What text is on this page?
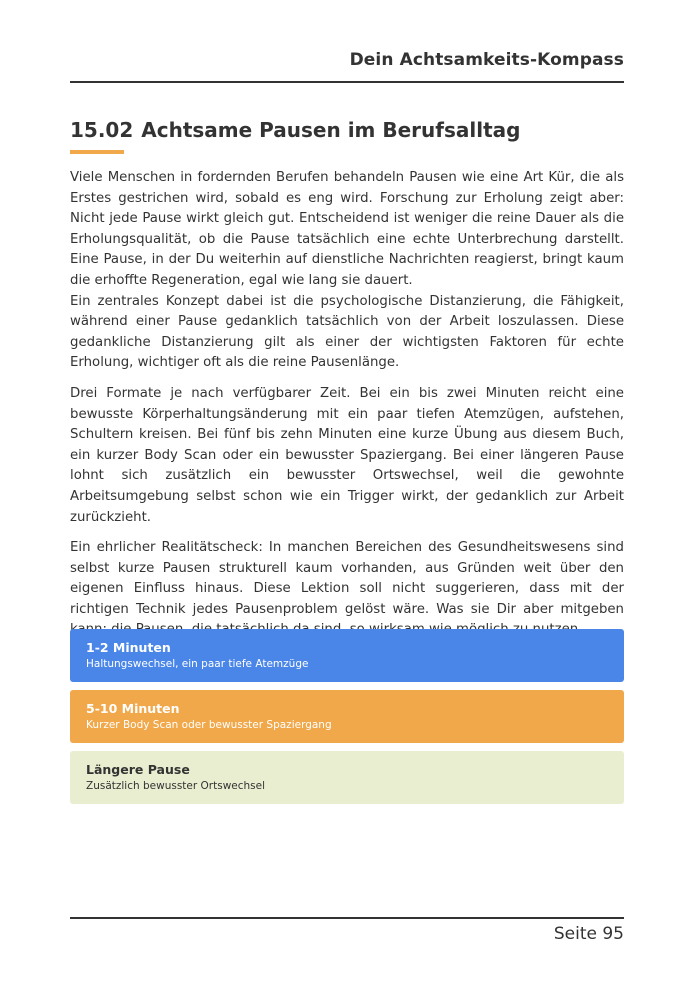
Dein Achtsamkeits-Kompass
15.02 Achtsame Pausen im Berufsalltag

Viele Menschen in fordernden Berufen behandeln Pausen wie eine Art Kür, die als Erstes gestrichen wird, sobald es eng wird. Forschung zur Erholung zeigt aber: Nicht jede Pause wirkt gleich gut. Entscheidend ist weniger die reine Dauer als die Erholungsqualität, ob die Pause tatsächlich eine echte Unterbrechung darstellt. Eine Pause, in der Du weiterhin auf dienstliche Nachrichten reagierst, bringt kaum die erhoffte Regeneration, egal wie lang sie dauert.

Ein zentrales Konzept dabei ist die psychologische Distanzierung, die Fähigkeit, während einer Pause gedanklich tatsächlich von der Arbeit loszulassen. Diese gedankliche Distanzierung gilt als einer der wichtigsten Faktoren für echte Erholung, wichtiger oft als die reine Pausenlänge.

Drei Formate je nach verfügbarer Zeit. Bei ein bis zwei Minuten reicht eine bewusste Körperhaltungsänderung mit ein paar tiefen Atemzügen, aufstehen, Schultern kreisen. Bei fünf bis zehn Minuten eine kurze Übung aus diesem Buch, ein kurzer Body Scan oder ein bewusster Spaziergang. Bei einer längeren Pause lohnt sich zusätzlich ein bewusster Ortswechsel, weil die gewohnte Arbeitsumgebung selbst schon wie ein Trigger wirkt, der gedanklich zur Arbeit zurückzieht.

Ein ehrlicher Realitätscheck: In manchen Bereichen des Gesundheitswesens sind selbst kurze Pausen strukturell kaum vorhanden, aus Gründen weit über den eigenen Einfluss hinaus. Diese Lektion soll nicht suggerieren, dass mit der richtigen Technik jedes Pausenproblem gelöst wäre. Was sie Dir aber mitgeben

1-2 Minuten
Haltungswechsel, ein paar tiefe Atemzüge
5-10 Minuten
Kurzer Body Scan oder bewusster Spaziergang
Längere Pause
Zusätzlich bewusster Ortswechsel
Seite 95
